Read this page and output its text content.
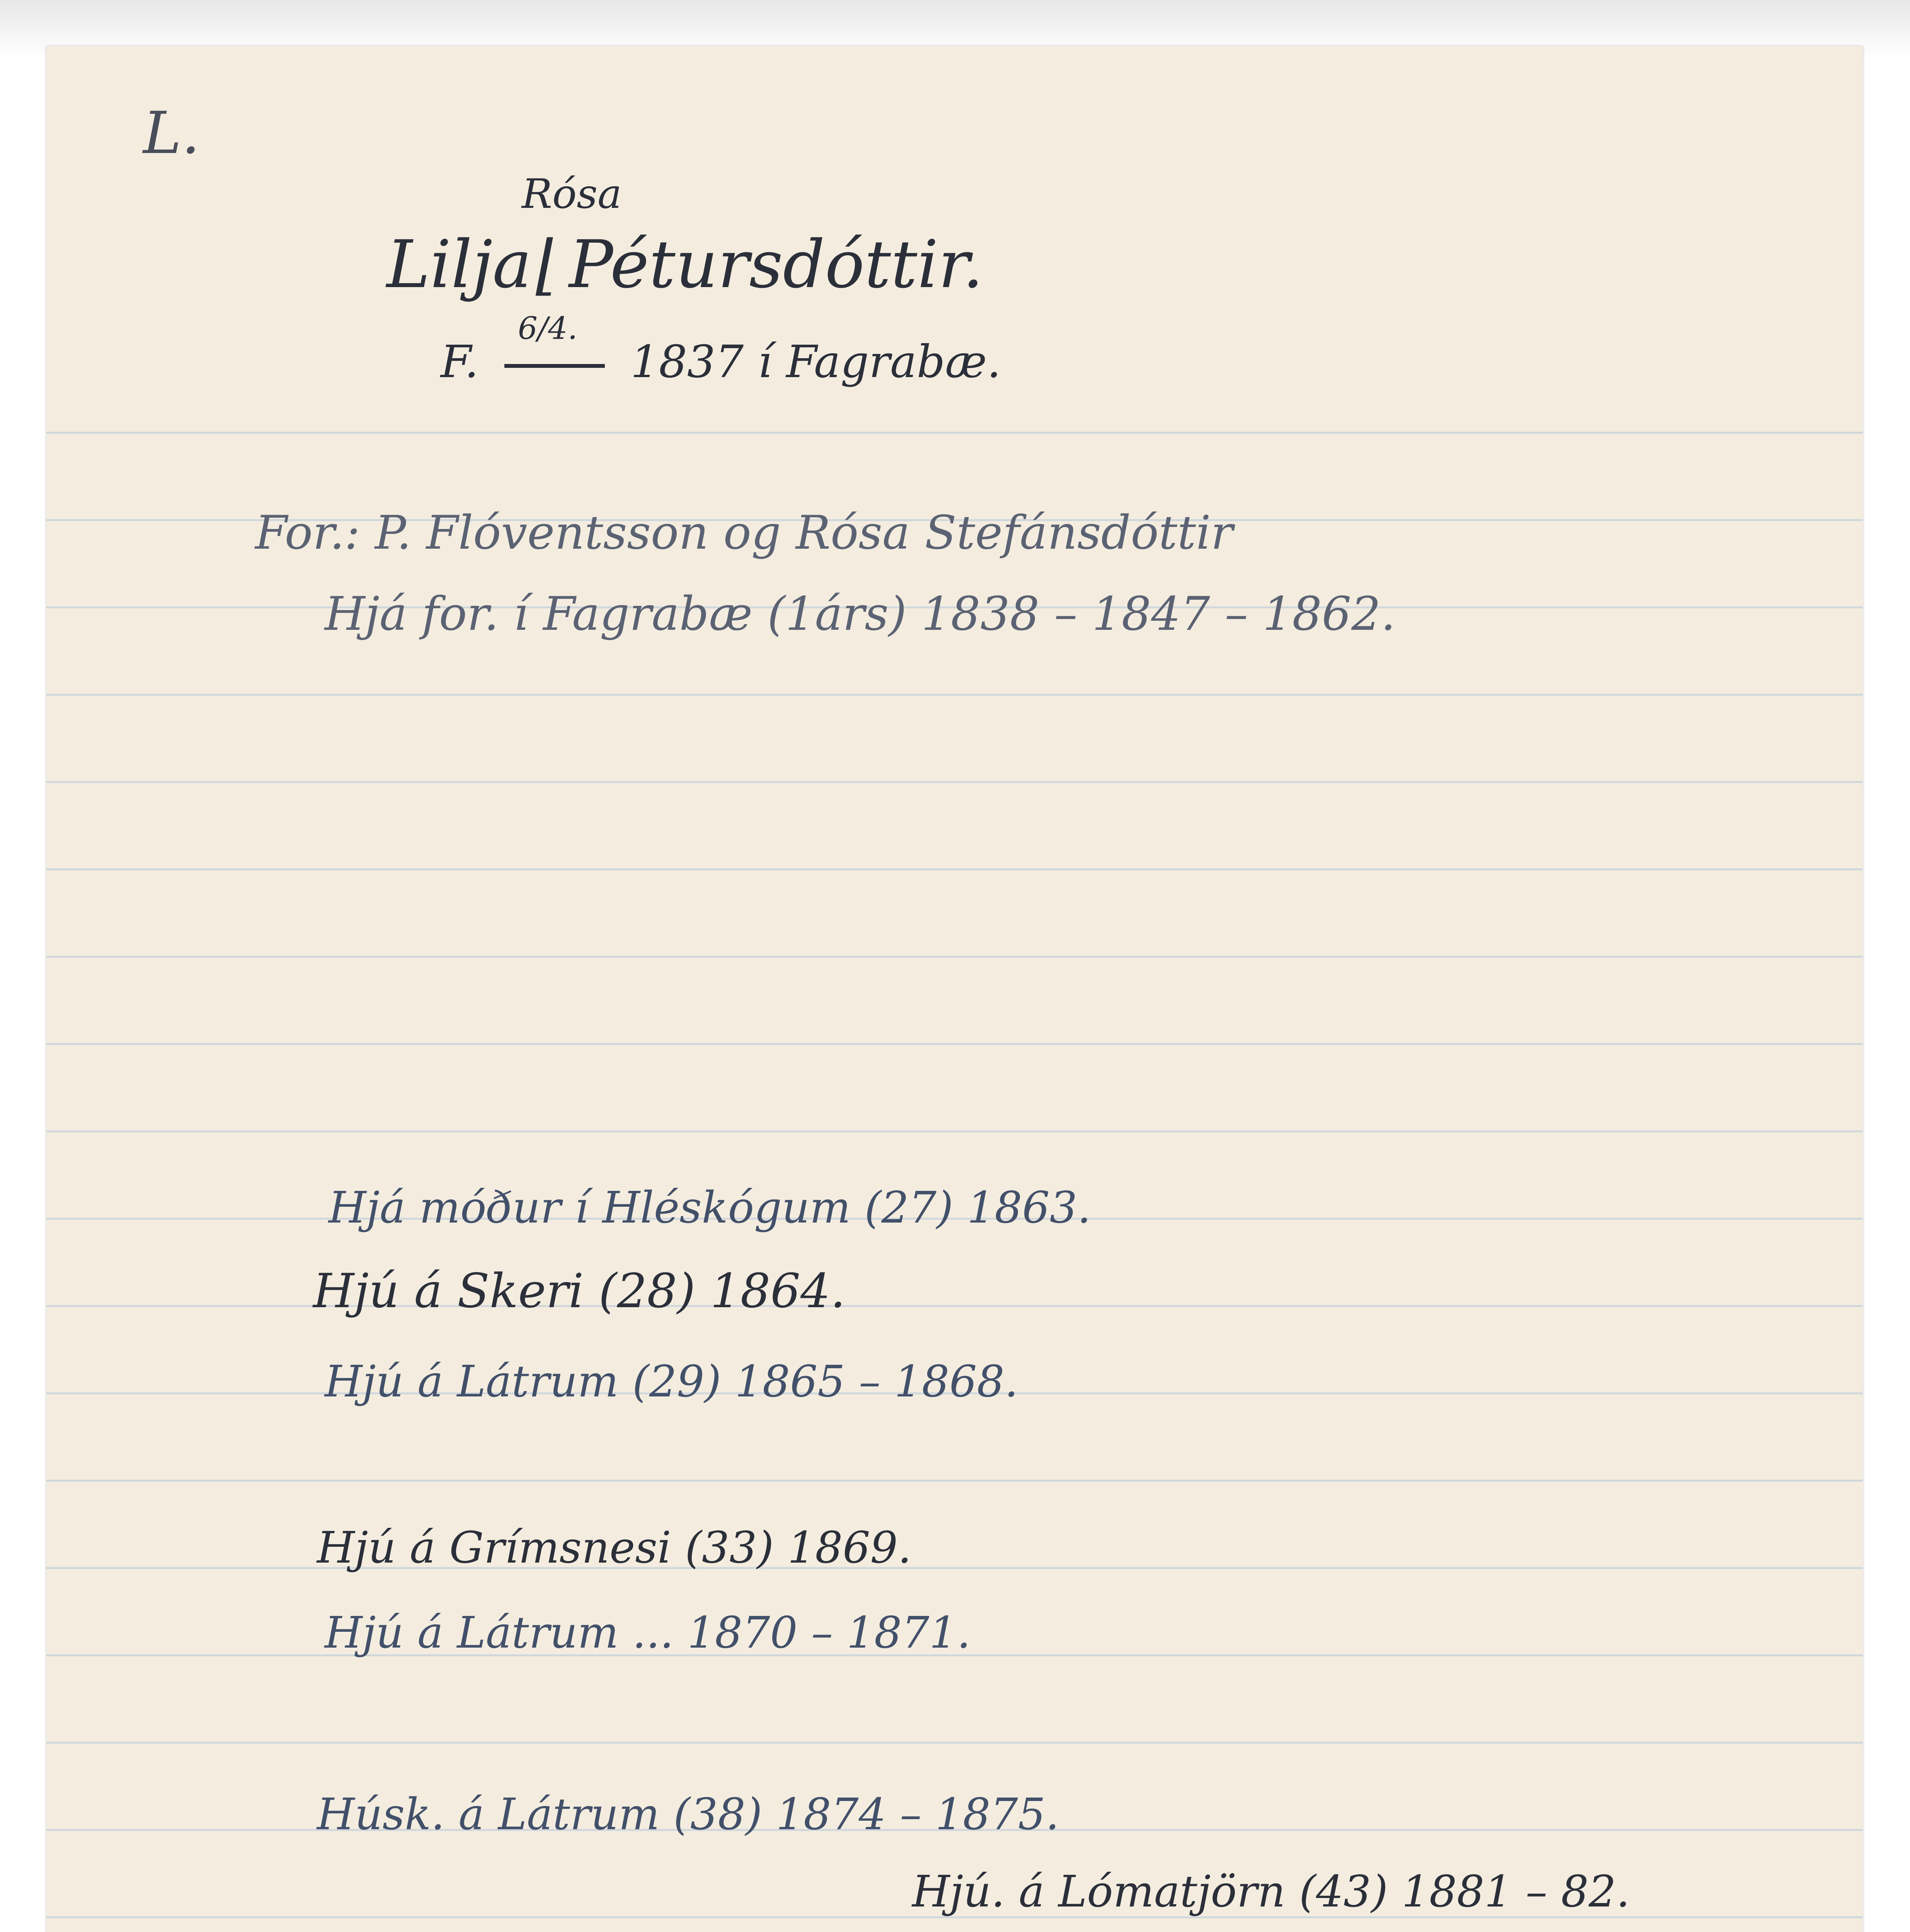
L.
Rósa
Lilja⌊ Pétursdóttir.
6/4.
F.	1837 í Fagrabæ.
For.: P. Flóventsson og Rósa Stefánsdóttir
Hjá for. í Fagrabæ (1árs) 1838 – 1847 – 1862.
Hjá móður í Hléskógum (27) 1863.
Hjú á Skeri (28) 1864.
Hjú á Látrum (29) 1865 – 1868.
Hjú á Grímsnesi (33) 1869.
Hjú á Látrum ... 1870 – 1871.
Húsk. á Látrum (38) 1874 – 1875.
Hjú. á Lómatjörn (43) 1881 – 82.
